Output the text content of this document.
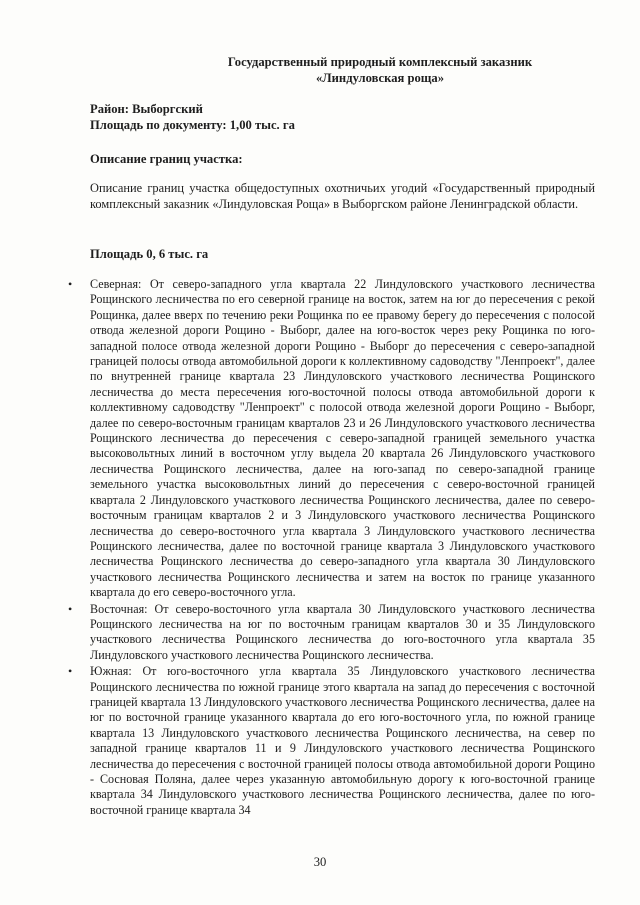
Государственный природный комплексный заказник
«Линдуловская роща»
Район: Выборгский
Площадь по документу: 1,00 тыс. га
Описание границ участка:

Описание границ участка общедоступных охотничьих угодий «Государственный природный комплексный заказник «Линдуловская Роща» в Выборгском районе Ленинградской области.

Площадь 0, 6 тыс. га
• Северная: От северо-западного угла квартала 22 Линдуловского участкового лесничества Рощинского лесничества по его северной границе на восток, затем на юг до пересечения с рекой Рощинка, далее вверх по течению реки Рощинка по ее правому берегу до пересечения с полосой отвода железной дороги Рощино - Выборг, далее на юго-восток через реку Рощинка по юго-западной полосе отвода железной дороги Рощино - Выборг до пересечения с северо-западной границей полосы отвода автомобильной дороги к коллективному садоводству "Ленпроект", далее по внутренней границе квартала 23 Линдуловского участкового лесничества Рощинского лесничества до места пересечения юго-восточной полосы отвода автомобильной дороги к коллективному садоводству "Ленпроект" с полосой отвода железной дороги Рощино - Выборг, далее по северо-восточным границам кварталов 23 и 26 Линдуловского участкового лесничества Рощинского лесничества до пересечения с северо-западной границей земельного участка высоковольтных линий в восточном углу выдела 20 квартала 26 Линдуловского участкового лесничества Рощинского лесничества, далее на юго-запад по северо-западной границе земельного участка высоковольтных линий до пересечения с северо-восточной границей квартала 2 Линдуловского участкового лесничества Рощинского лесничества, далее по северо-восточным границам кварталов 2 и 3 Линдуловского участкового лесничества Рощинского лесничества до северо-восточного угла квартала 3 Линдуловского участкового лесничества Рощинского лесничества, далее по восточной границе квартала 3 Линдуловского участкового лесничества Рощинского лесничества до северо-западного угла квартала 30 Линдуловского участкового лесничества Рощинского лесничества и затем на восток по границе указанного квартала до его северо-восточного угла.
• Восточная: От северо-восточного угла квартала 30 Линдуловского участкового лесничества Рощинского лесничества на юг по восточным границам кварталов 30 и 35 Линдуловского участкового лесничества Рощинского лесничества до юго-восточного угла квартала 35 Линдуловского участкового лесничества Рощинского лесничества.
• Южная: От юго-восточного угла квартала 35 Линдуловского участкового лесничества Рощинского лесничества по южной границе этого квартала на запад до пересечения с восточной границей квартала 13 Линдуловского участкового лесничества Рощинского лесничества, далее на юг по восточной границе указанного квартала до его юго-восточного угла, по южной границе квартала 13 Линдуловского участкового лесничества Рощинского лесничества, на север по западной границе кварталов 11 и 9 Линдуловского участкового лесничества Рощинского лесничества до пересечения с восточной границей полосы отвода автомобильной дороги Рощино - Сосновая Поляна, далее через указанную автомобильную дорогу к юго-восточной границе квартала 34 Линдуловского участкового лесничества Рощинского лесничества, далее по юго-восточной границе квартала 34
30
